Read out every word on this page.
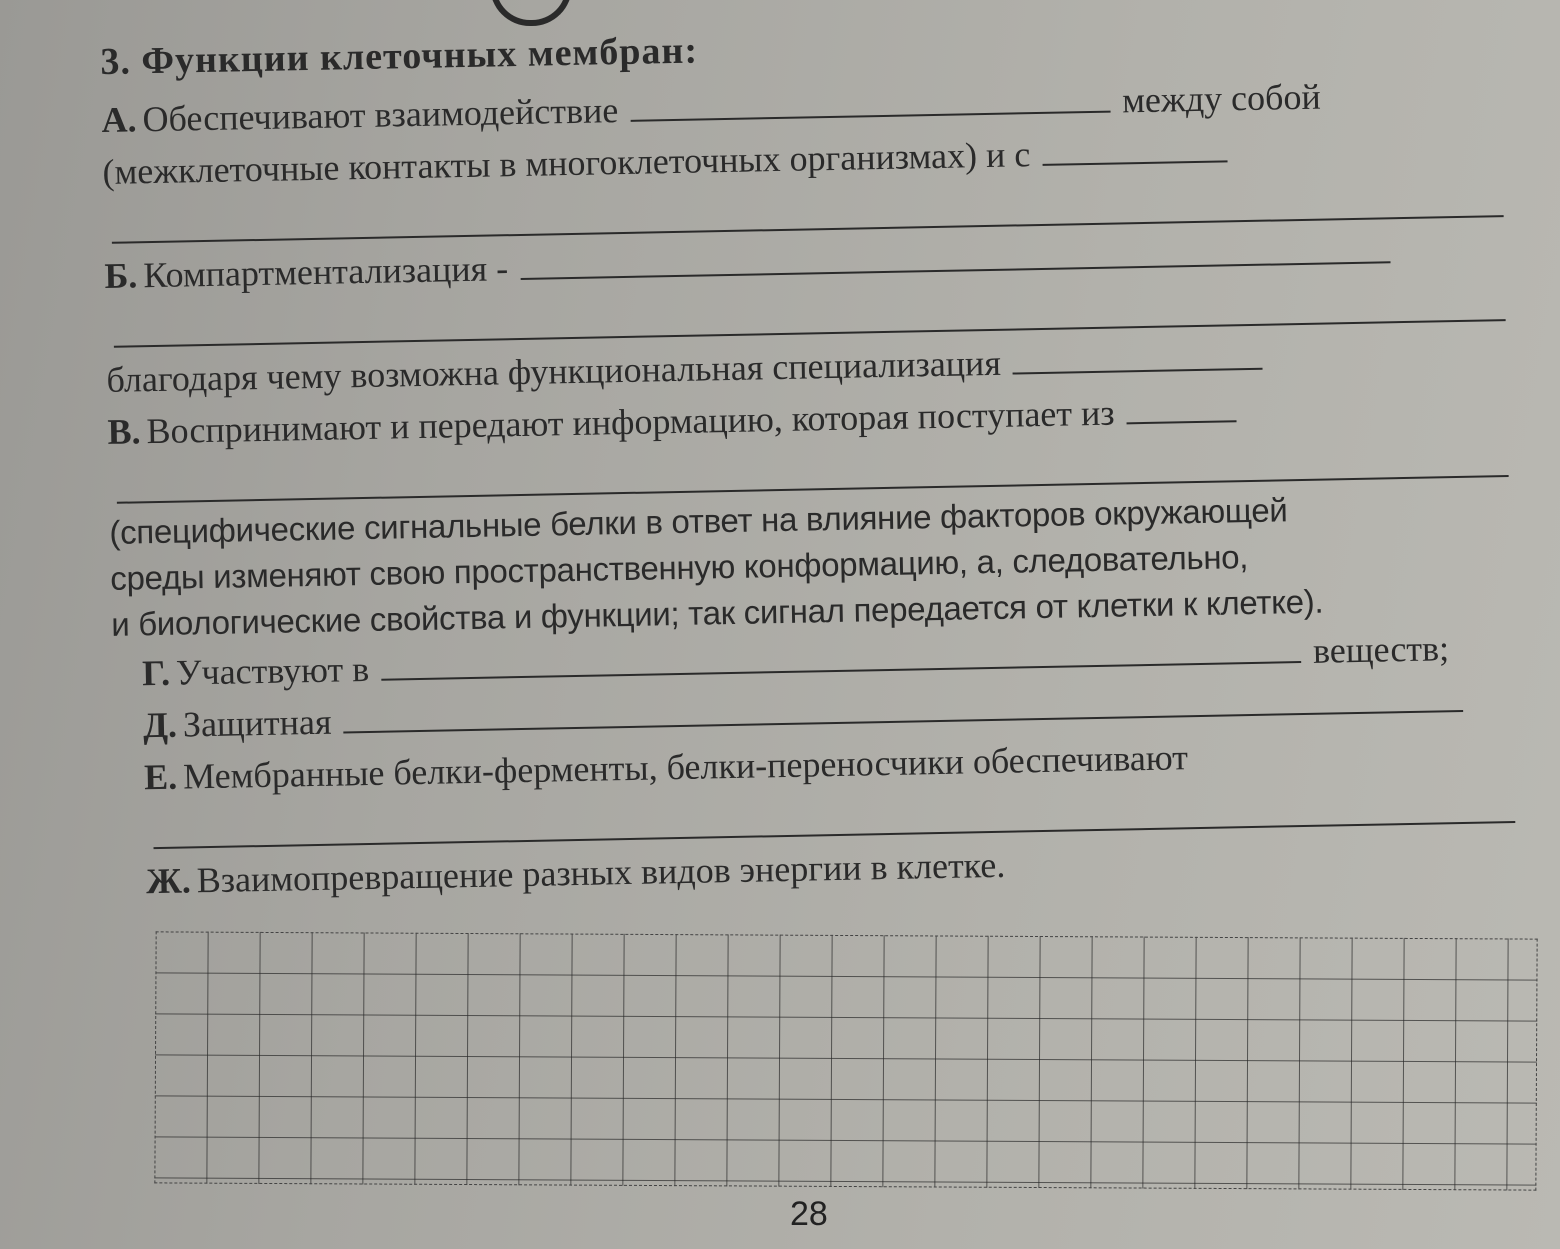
3. Функции клеточных мембран:
А. Обеспечивают взаимодействие	между собой
(межклеточные контакты в многоклеточных организмах) и с
Б. Компартментализация -
благодаря чему возможна функциональная специализация
В. Воспринимают и передают информацию, которая поступает из
(специфические сигнальные белки в ответ на влияние факторов окружающей
среды изменяют свою пространственную конформацию, а, следовательно,
и биологические свойства и функции; так сигнал передается от клетки к клетке).
Г. Участвуют в	веществ;
Д. Защитная
Е. Мембранные белки-ферменты, белки-переносчики обеспечивают
Ж. Взаимопревращение разных видов энергии в клетке.
28
